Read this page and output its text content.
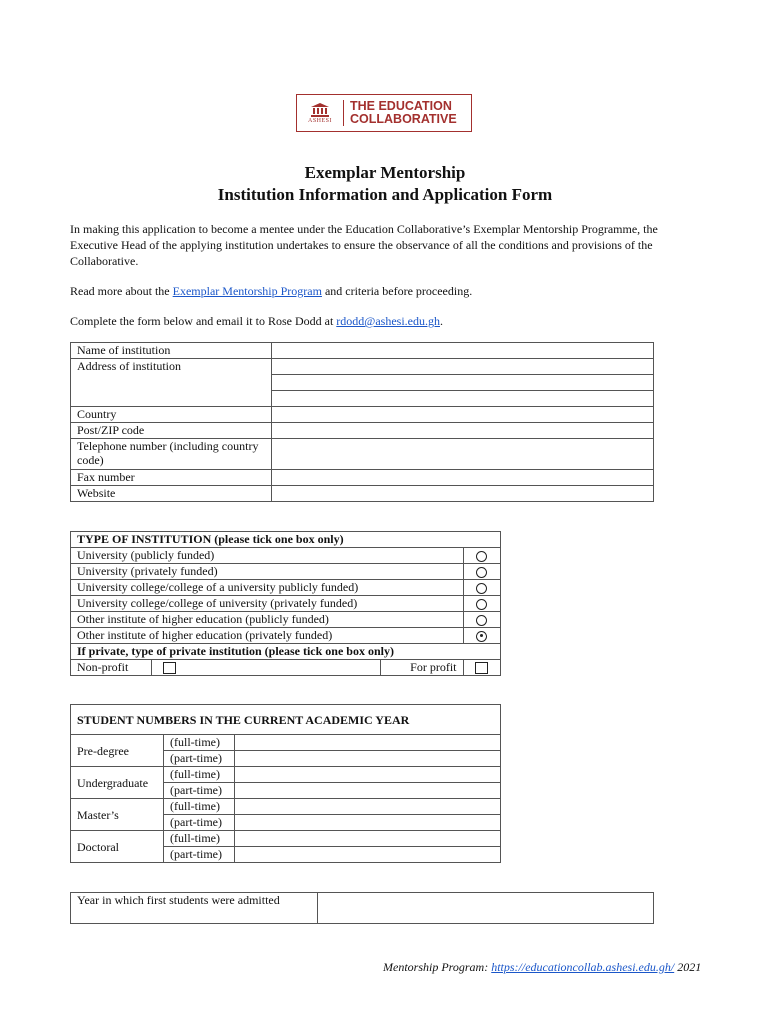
ASHESI
THE EDUCATION
COLLABORATIVE
Exemplar Mentorship
Institution Information and Application Form

In making this application to become a mentee under the Education Collaborative’s Exemplar Mentorship Programme, the Executive Head of the applying institution undertakes to ensure the observance of all the conditions and provisions of the Collaborative.

Read more about the Exemplar Mentorship Program and criteria before proceeding.

Complete the form below and email it to Rose Dodd at rdodd@ashesi.edu.gh.

Name of institution	
Address of institution	

Country	
Post/ZIP code	
Telephone number (including country code)	
Fax number	
Website	
TYPE OF INSTITUTION (please tick one box only)			
University (publicly funded)			
University (privately funded)			
University college/college of a university publicly funded)			
University college/college of university (privately funded)			
Other institute of higher education (publicly funded)			
Other institute of higher education (privately funded)			
If private, type of private institution (please tick one box only)			
Non-profit		For profit	
STUDENT NUMBERS IN THE CURRENT ACADEMIC YEAR		
Pre-degree	(full-time)	
	(part-time)	
Undergraduate	(full-time)	
	(part-time)	
Master’s	(full-time)	
	(part-time)	
Doctoral	(full-time)	
	(part-time)	
Year in which first students were admitted	
Mentorship Program: https://educationcollab.ashesi.edu.gh/ 2021
